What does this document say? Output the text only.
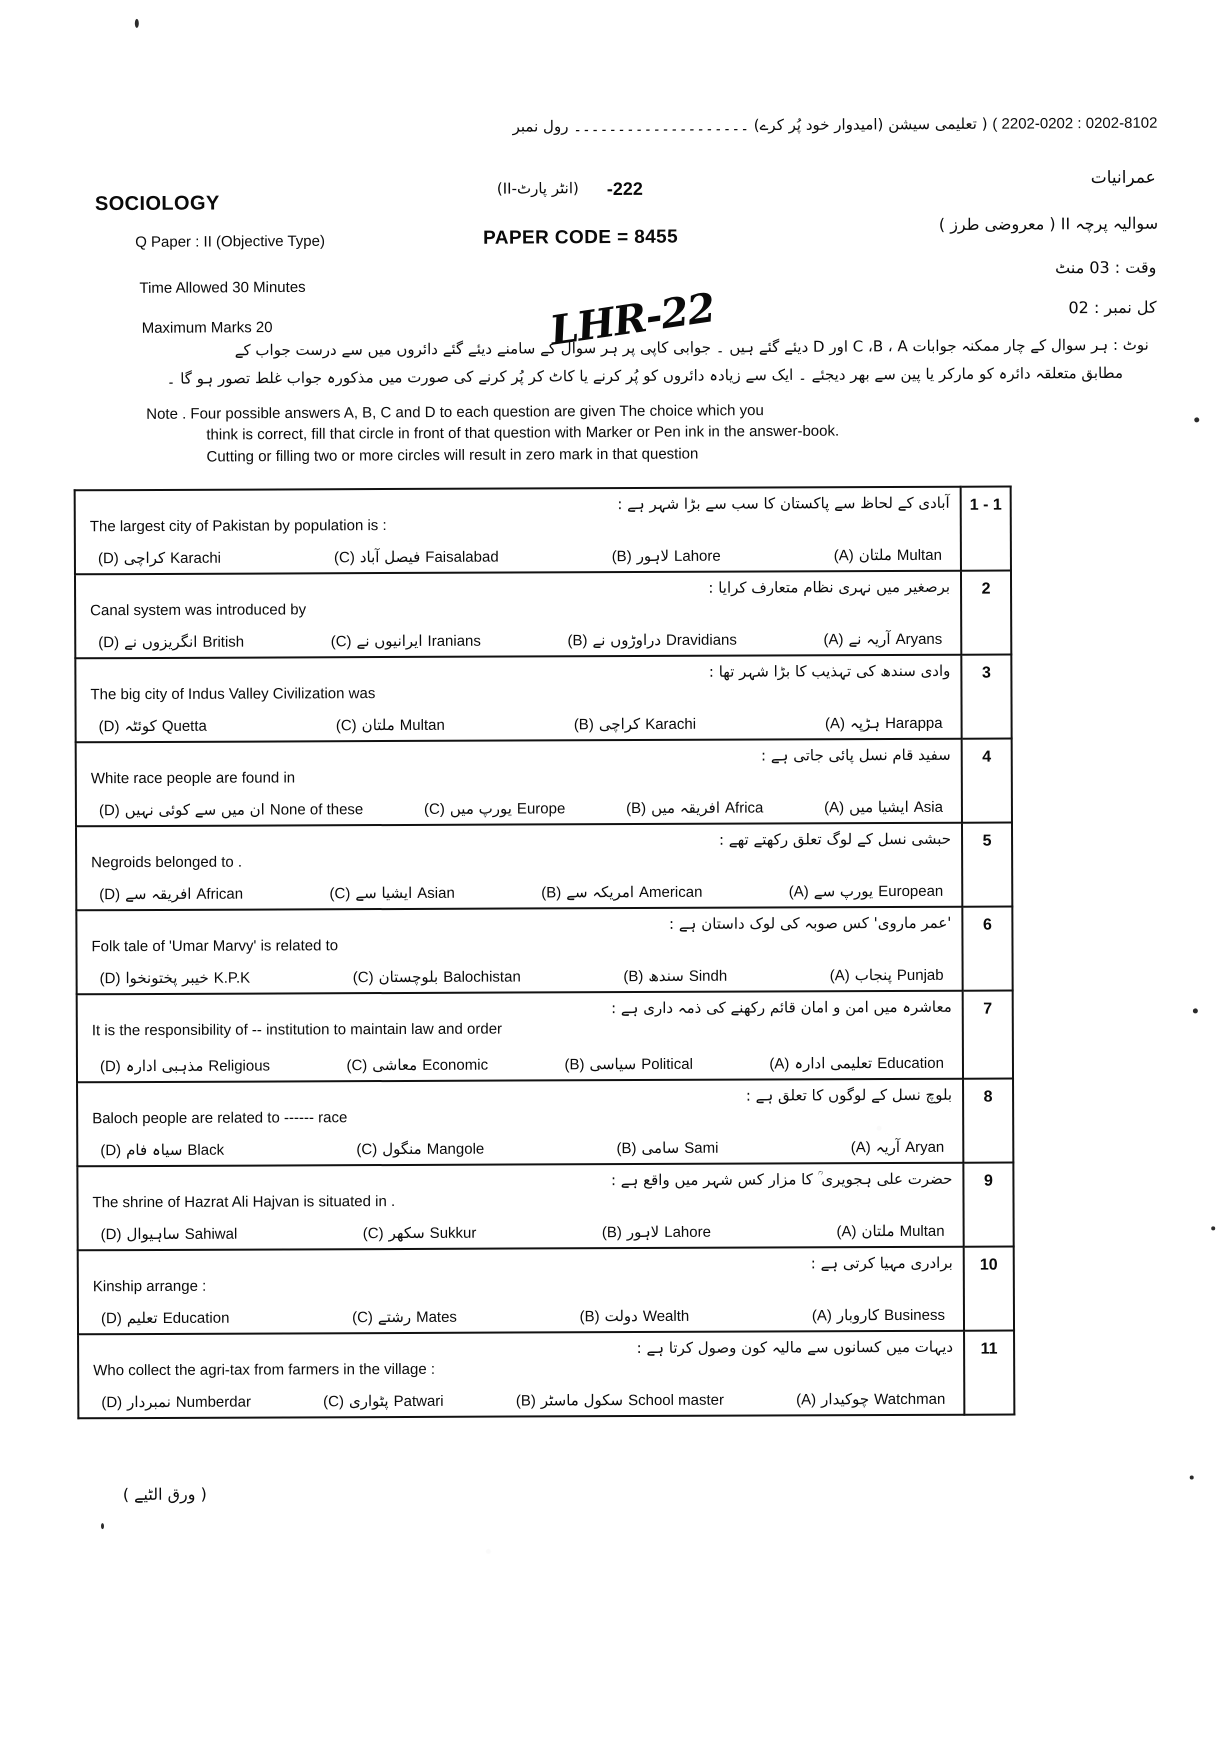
2018-2020 : 2020-2022 ) ( تعلیمی سیشن (امیدوار خود پُر کرے) ۔۔۔۔۔۔۔۔۔۔۔۔۔۔۔۔۔۔۔۔ رول نمبر
عمرانیات
SOCIOLOGY
-222
(انٹر پارٹ-II)
Q Paper : II (Objective Type)	PAPER CODE = 8455
سوالیہ پرچہ II ( معروضی طرز )
Time Allowed 30 Minutes
وقت : 30 منٹ
Maximum Marks 20
کل نمبر : 20
LHR-22
نوٹ : ہر سوال کے چار ممکنہ جوابات A ، B، C اور D دیئے گئے ہیں ۔ جوابی کاپی پر ہر سوال کے سامنے دیئے گئے دائروں میں سے درست جواب کے
مطابق متعلقہ دائرہ کو مارکر یا پین سے بھر دیجئے ۔ ایک سے زیادہ دائروں کو پُر کرنے یا کاٹ کر پُر کرنے کی صورت میں مذکورہ جواب غلط تصور ہو گا ۔
Note . Four possible answers A, B, C and D to each question are given The choice which you
think is correct, fill that circle in front of that question with Marker or Pen ink in the answer-book.
Cutting or filling two or more circles will result in zero mark in that question
آبادی کے لحاظ سے پاکستان کا سب سے بڑا شہر ہے :
The largest city of Pakistan by population is :
(A) ملتان Multan
(B) لاہور Lahore
(C) فیصل آباد Faisalabad
(D) کراچی Karachi
	1 - 1

برصغیر میں نہری نظام متعارف کرایا :
Canal system was introduced by
(A) آریہ نے Aryans
(B) دراوڑوں نے Dravidians
(C) ایرانیوں نے Iranians
(D) انگریزوں نے British
	2

وادی سندھ کی تہذیب کا بڑا شہر تھا :
The big city of Indus Valley Civilization was
(A) ہڑپہ Harappa
(B) کراچی Karachi
(C) ملتان Multan
(D) کوئٹہ Quetta
	3

سفید قام نسل پائی جاتی ہے :
White race people are found in
(A) ایشیا میں Asia
(B) افریقہ میں Africa
(C) یورپ میں Europe
(D) ان میں سے کوئی نہیں None of these
	4

حبشی نسل کے لوگ تعلق رکھتے تھے :
Negroids belonged to .
(A) یورپ سے European
(B) امریکہ سے American
(C) ایشیا سے Asian
(D) افریقہ سے African
	5

'عمر ماروی' کس صوبہ کی لوک داستان ہے :
Folk tale of 'Umar Marvy' is related to
(A) پنجاب Punjab
(B) سندھ Sindh
(C) بلوچستان Balochistan
(D) خیبر پختونخوا K.P.K
	6

معاشرہ میں امن و امان قائم رکھنے کی ذمہ داری ہے :
It is the responsibility of -- institution to maintain law and order
(A) تعلیمی ادارہ Education
(B) سیاسی Political
(C) معاشی Economic
(D) مذہبی ادارہ Religious
	7

بلوچ نسل کے لوگوں کا تعلق ہے :
Baloch people are related to ------ race
(A) آریہ Aryan
(B) سامی Sami
(C) منگول Mangole
(D) سیاہ فام Black
	8

حضرت علی ہجویری ؒ کا مزار کس شہر میں واقع ہے :
The shrine of Hazrat Ali Hajvan is situated in .
(A) ملتان Multan
(B) لاہور Lahore
(C) سکھر Sukkur
(D) ساہیوال Sahiwal
	9

برادری مہیا کرتی ہے :
Kinship arrange :
(A) کاروبار Business
(B) دولت Wealth
(C) رشتے Mates
(D) تعلیم Education
	10

دیہات میں کسانوں سے مالیہ کون وصول کرتا ہے :
Who collect the agri-tax from farmers in the village :
(A) چوکیدار Watchman
(B) سکول ماسٹر School master
(C) پٹواری Patwari
(D) نمبردار Numberdar
	11
( ورق الٹیے )
